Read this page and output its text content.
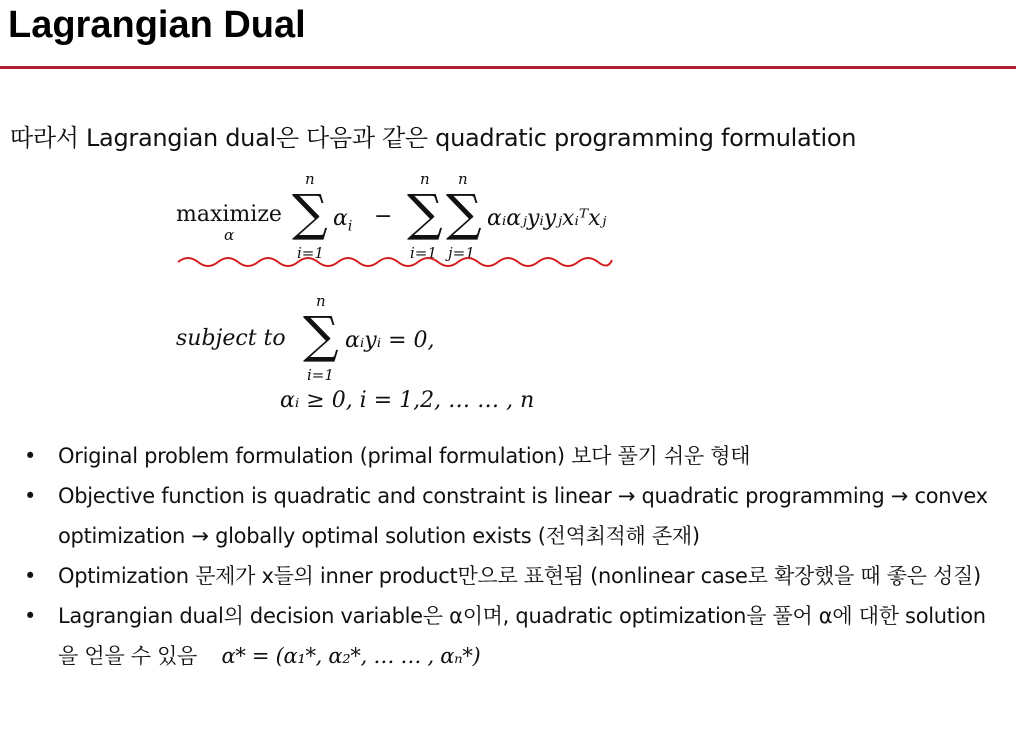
Lagrangian Dual
따라서 Lagrangian dual은 다음과 같은 quadratic programming formulation
maximize
α
n
∑
i=1
$\alpha_i$ −
n
∑
i=1
n
∑
j=1
αᵢαⱼyᵢyⱼxᵢᵀxⱼ
subject to
n
∑
i=1
αᵢyᵢ = 0,
αᵢ ≥ 0, i = 1,2, … … , n
• Original problem formulation (primal formulation) 보다 풀기 쉬운 형태
• Objective function is quadratic and constraint is linear → quadratic programming → convex optimization → globally optimal solution exists (전역최적해 존재)
• Optimization 문제가 x들의 inner product만으로 표현됨 (nonlinear case로 확장했을 때 좋은 성질)
• Lagrangian dual의 decision variable은 α이며, quadratic optimization을 풀어 α에 대한 solution을 얻을 수 있음 α* = (α₁*, α₂*, … … , αₙ*)
